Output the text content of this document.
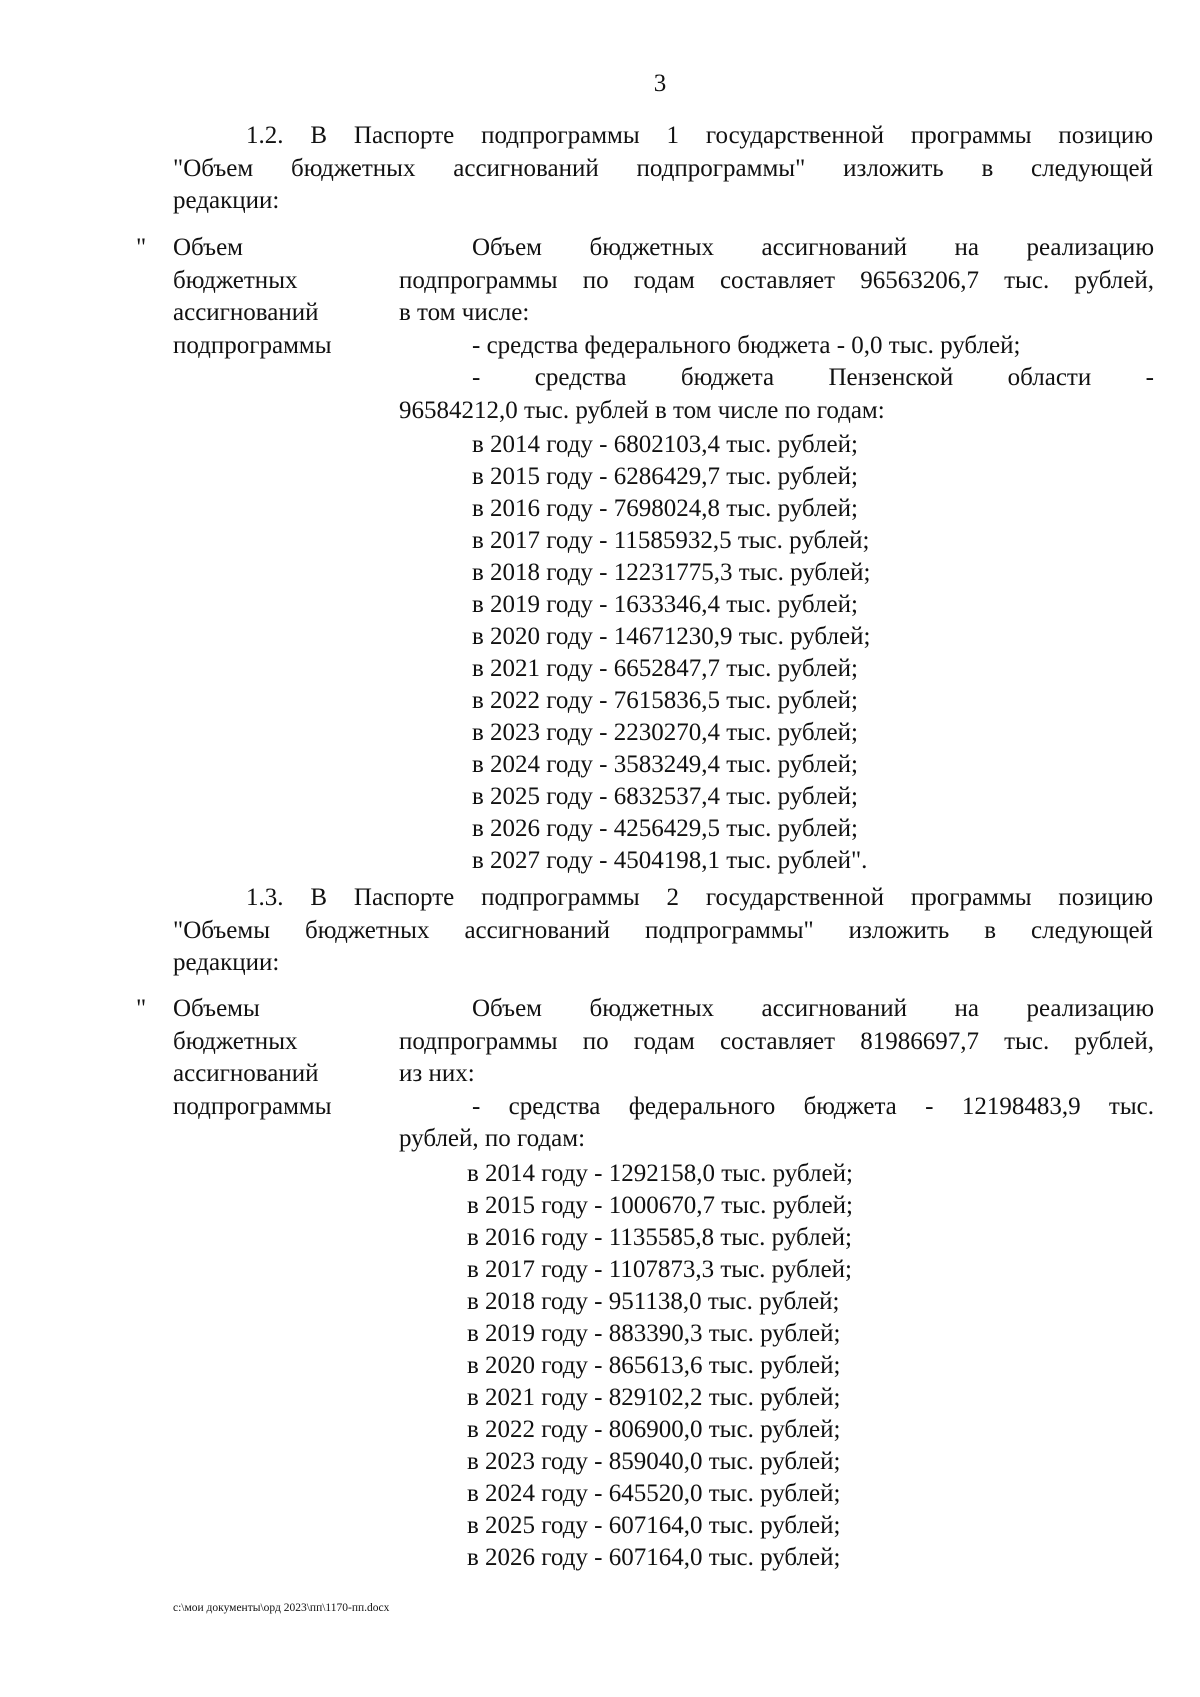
3
1.2. В Паспорте подпрограммы 1 государственной программы позицию
"Объем бюджетных ассигнований подпрограммы" изложить в следующей
редакции:
" Объем
бюджетных
ассигнований
подпрограммы
Объем бюджетных ассигнований на реализацию
подпрограммы по годам составляет 96563206,7 тыс. рублей,
в том числе:
- средства федерального бюджета - 0,0 тыс. рублей;
- средства бюджета Пензенской области -
96584212,0 тыс. рублей в том числе по годам:
в 2014 году - 6802103,4 тыс. рублей;
в 2015 году - 6286429,7 тыс. рублей;
в 2016 году - 7698024,8 тыс. рублей;
в 2017 году - 11585932,5 тыс. рублей;
в 2018 году - 12231775,3 тыс. рублей;
в 2019 году - 1633346,4 тыс. рублей;
в 2020 году - 14671230,9 тыс. рублей;
в 2021 году - 6652847,7 тыс. рублей;
в 2022 году - 7615836,5 тыс. рублей;
в 2023 году - 2230270,4 тыс. рублей;
в 2024 году - 3583249,4 тыс. рублей;
в 2025 году - 6832537,4 тыс. рублей;
в 2026 году - 4256429,5 тыс. рублей;
в 2027 году - 4504198,1 тыс. рублей".
1.3. В Паспорте подпрограммы 2 государственной программы позицию
"Объемы бюджетных ассигнований подпрограммы" изложить в следующей
редакции:
" Объемы
бюджетных
ассигнований
подпрограммы
Объем бюджетных ассигнований на реализацию
подпрограммы по годам составляет 81986697,7 тыс. рублей,
из них:
- средства федерального бюджета - 12198483,9 тыс.
рублей, по годам:
в 2014 году - 1292158,0 тыс. рублей;
в 2015 году - 1000670,7 тыс. рублей;
в 2016 году - 1135585,8 тыс. рублей;
в 2017 году - 1107873,3 тыс. рублей;
в 2018 году - 951138,0 тыс. рублей;
в 2019 году - 883390,3 тыс. рублей;
в 2020 году - 865613,6 тыс. рублей;
в 2021 году - 829102,2 тыс. рублей;
в 2022 году - 806900,0 тыс. рублей;
в 2023 году - 859040,0 тыс. рублей;
в 2024 году - 645520,0 тыс. рублей;
в 2025 году - 607164,0 тыс. рублей;
в 2026 году - 607164,0 тыс. рублей;
c:\мои документы\орд 2023\пп\1170-пп.docx
